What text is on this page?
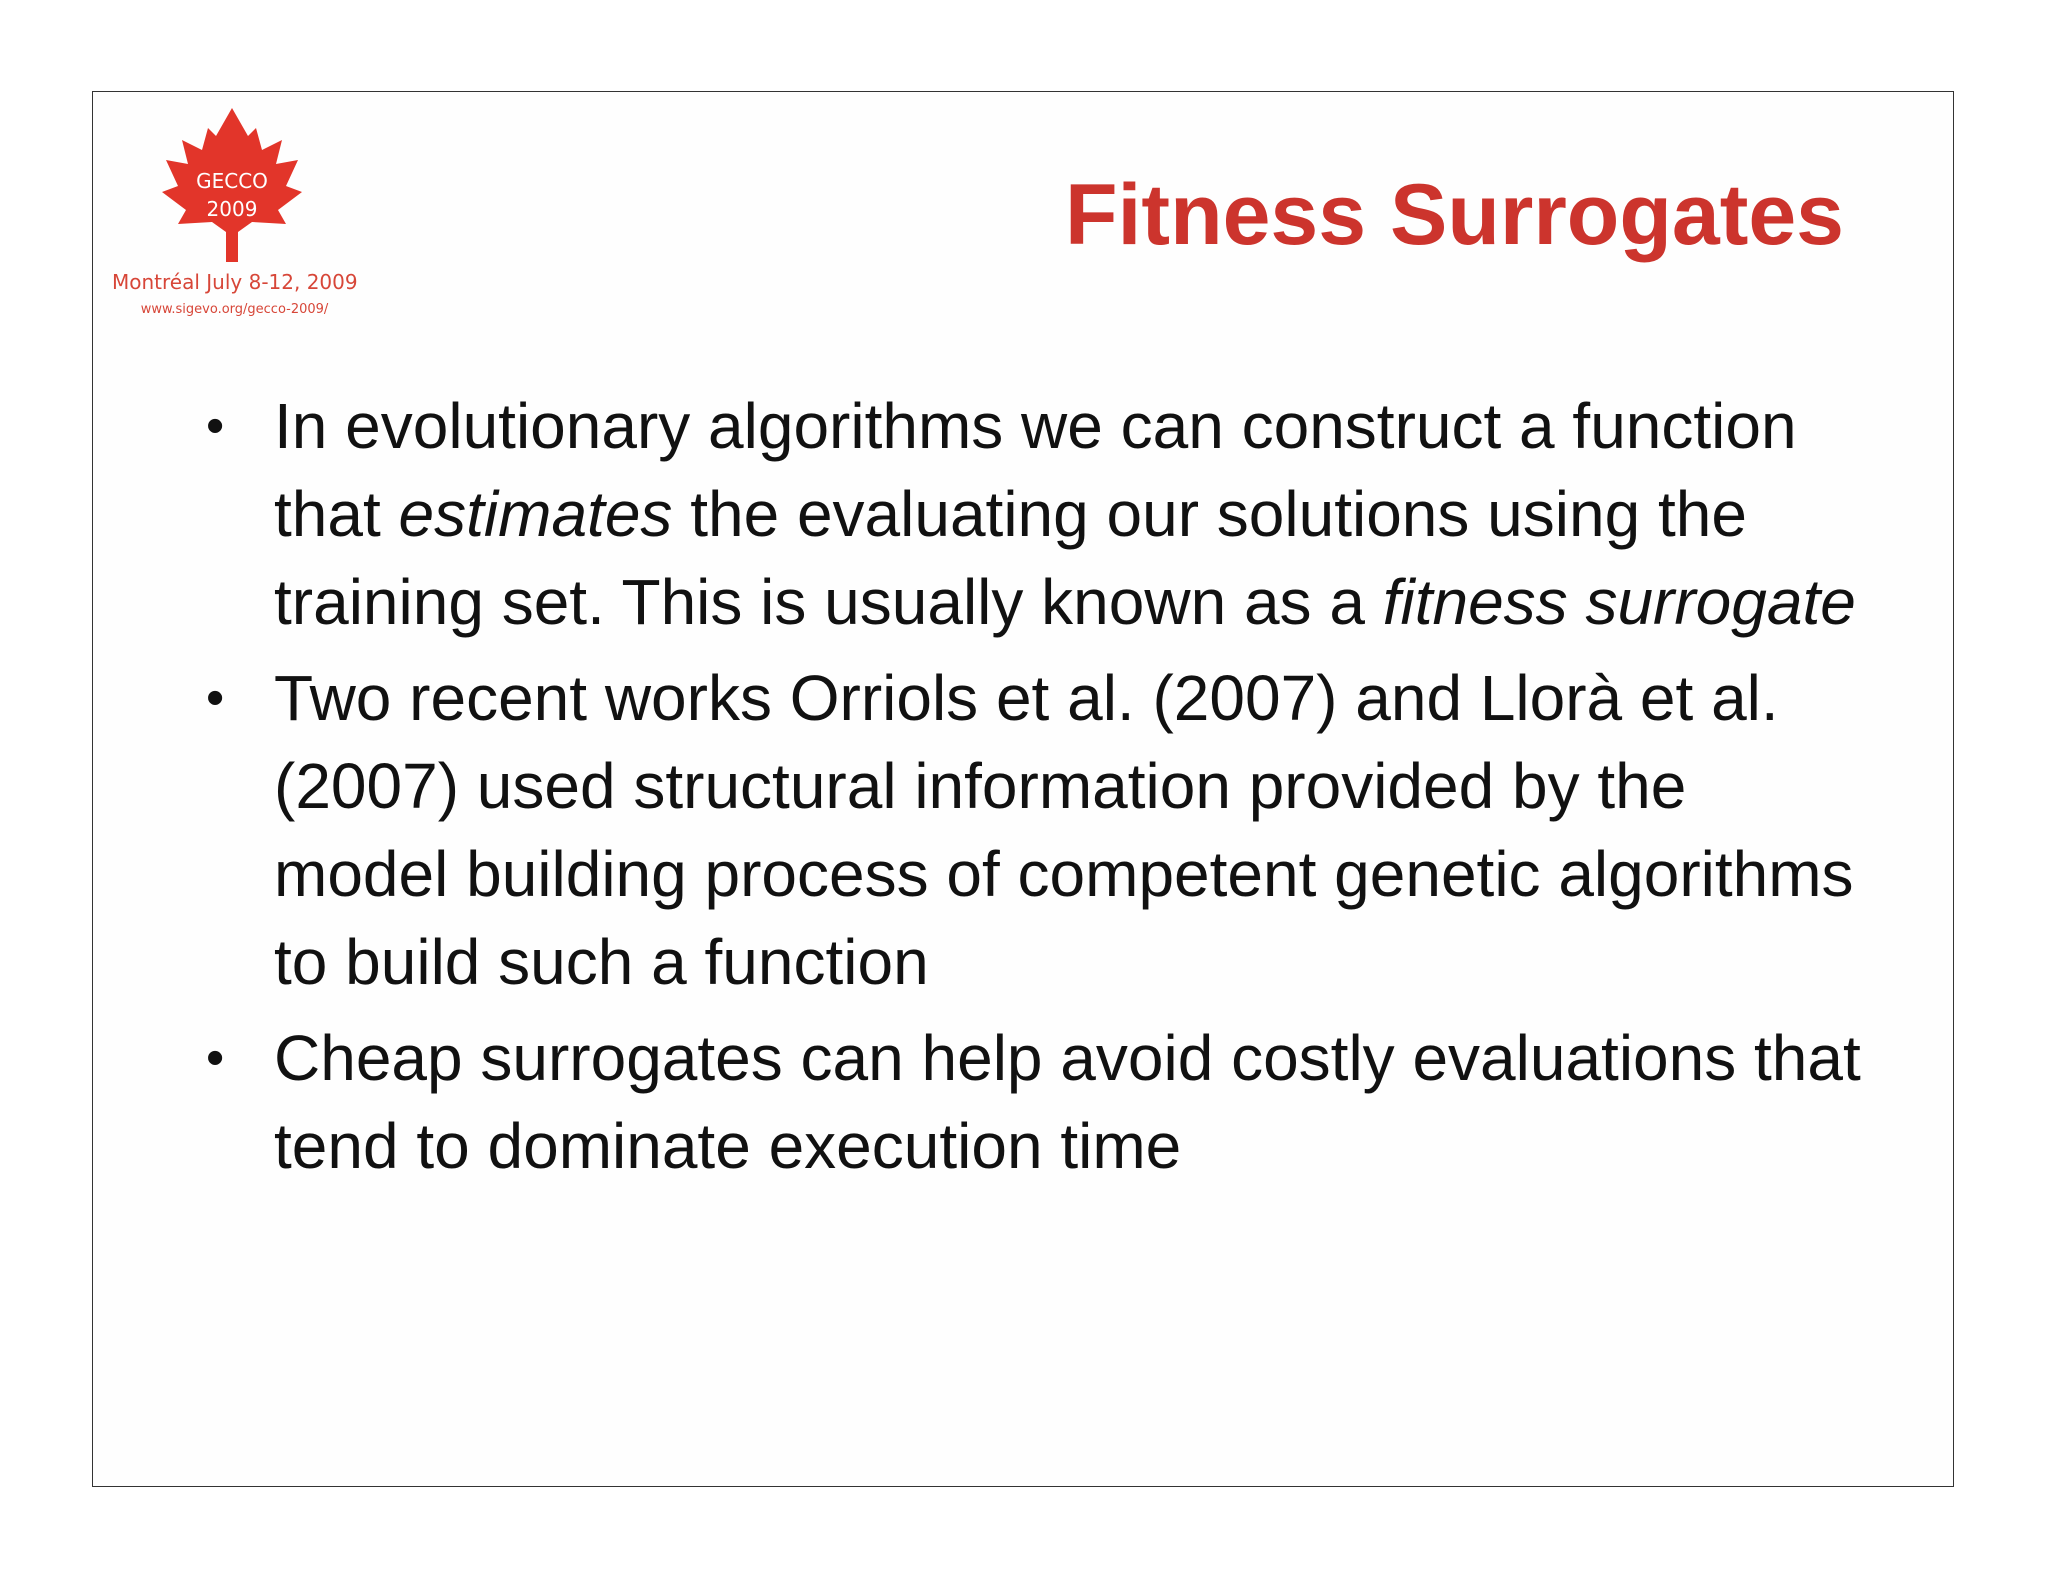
GECCO
2009
Montréal July 8-12, 2009
www.sigevo.org/gecco-2009/
Fitness Surrogates
• In evolutionary algorithms we can construct a function that estimates the evaluating our solutions using the training set. This is usually known as a fitness surrogate
• Two recent works Orriols et al. (2007) and Llorà et al. (2007) used structural information provided by the model building process of competent genetic algorithms to build such a function
• Cheap surrogates can help avoid costly evaluations that tend to dominate execution time
